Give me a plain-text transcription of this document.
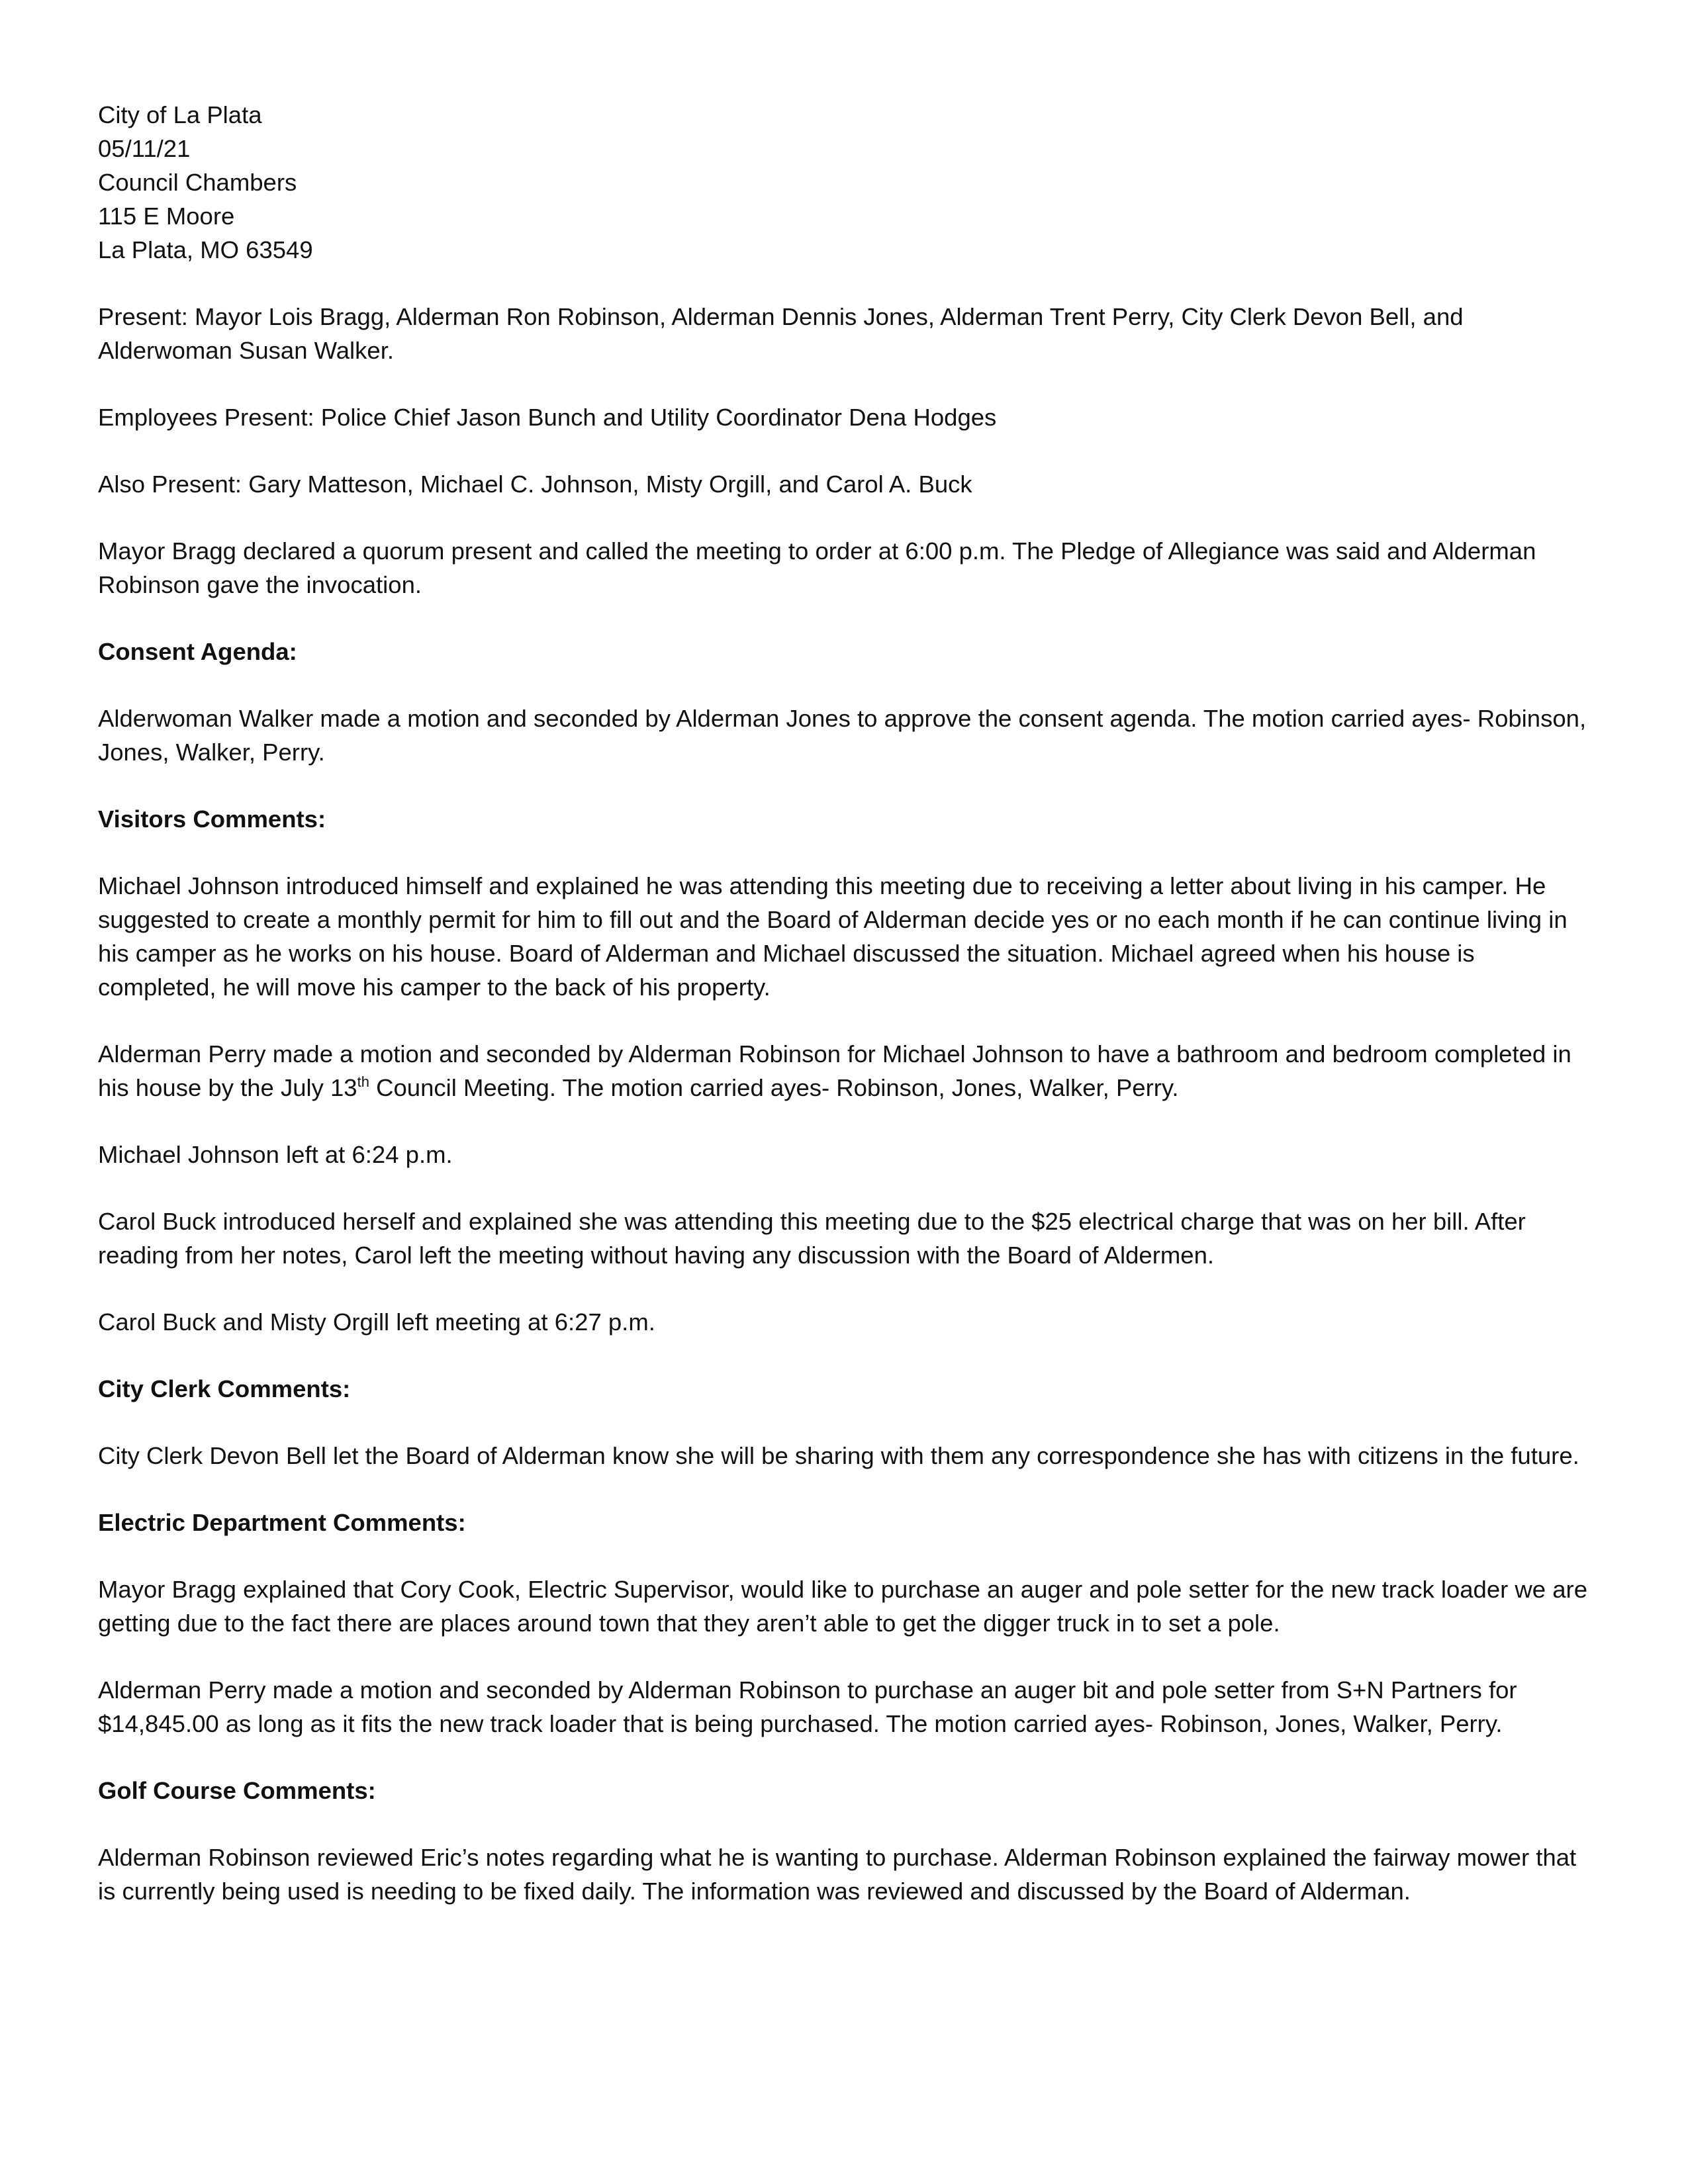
City of La Plata

05/11/21

Council Chambers

115 E Moore

La Plata, MO 63549

Present: Mayor Lois Bragg, Alderman Ron Robinson, Alderman Dennis Jones, Alderman Trent Perry, City Clerk Devon Bell, and Alderwoman Susan Walker.

Employees Present: Police Chief Jason Bunch and Utility Coordinator Dena Hodges

Also Present: Gary Matteson, Michael C. Johnson, Misty Orgill, and Carol A. Buck

Mayor Bragg declared a quorum present and called the meeting to order at 6:00 p.m. The Pledge of Allegiance was said and Alderman Robinson gave the invocation.

Consent Agenda:

Alderwoman Walker made a motion and seconded by Alderman Jones to approve the consent agenda. The motion carried ayes- Robinson, Jones, Walker, Perry.

Visitors Comments:

Michael Johnson introduced himself and explained he was attending this meeting due to receiving a letter about living in his camper. He suggested to create a monthly permit for him to fill out and the Board of Alderman decide yes or no each month if he can continue living in his camper as he works on his house. Board of Alderman and Michael discussed the situation. Michael agreed when his house is completed, he will move his camper to the back of his property.

Alderman Perry made a motion and seconded by Alderman Robinson for Michael Johnson to have a bathroom and bedroom completed in his house by the July 13th Council Meeting. The motion carried ayes- Robinson, Jones, Walker, Perry.

Michael Johnson left at 6:24 p.m.

Carol Buck introduced herself and explained she was attending this meeting due to the $25 electrical charge that was on her bill. After reading from her notes, Carol left the meeting without having any discussion with the Board of Aldermen.

Carol Buck and Misty Orgill left meeting at 6:27 p.m.

City Clerk Comments:

City Clerk Devon Bell let the Board of Alderman know she will be sharing with them any correspondence she has with citizens in the future.

Electric Department Comments:

Mayor Bragg explained that Cory Cook, Electric Supervisor, would like to purchase an auger and pole setter for the new track loader we are getting due to the fact there are places around town that they aren’t able to get the digger truck in to set a pole.

Alderman Perry made a motion and seconded by Alderman Robinson to purchase an auger bit and pole setter from S+N Partners for $14,845.00 as long as it fits the new track loader that is being purchased. The motion carried ayes- Robinson, Jones, Walker, Perry.

Golf Course Comments:

Alderman Robinson reviewed Eric’s notes regarding what he is wanting to purchase. Alderman Robinson explained the fairway mower that is currently being used is needing to be fixed daily. The information was reviewed and discussed by the Board of Alderman.
